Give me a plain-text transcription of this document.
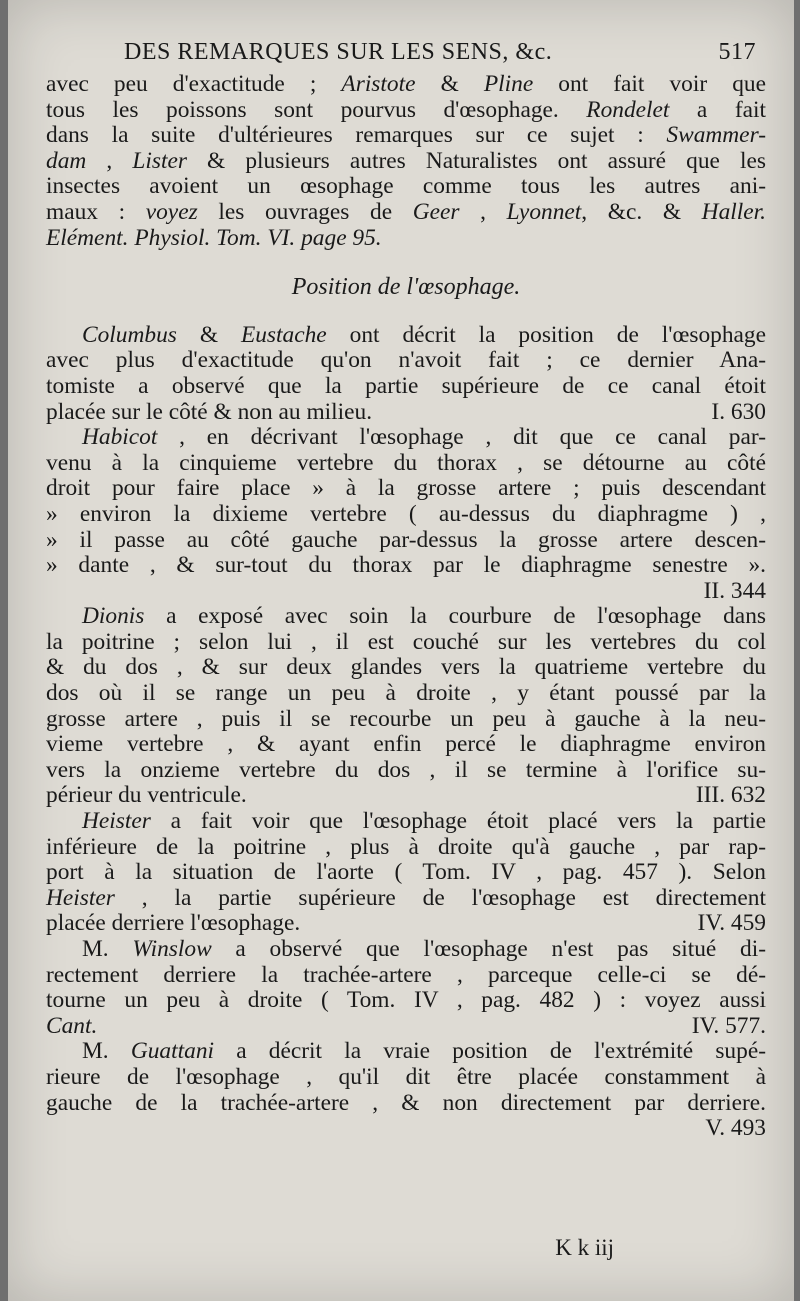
DES REMARQUES SUR LES SENS, &c.	517
avec peu d'exactitude ; Aristote & Pline ont fait voir que
tous les poissons sont pourvus d'œsophage. Rondelet a fait
dans la suite d'ultérieures remarques sur ce sujet : Swammer-
dam , Lister & plusieurs autres Naturalistes ont assuré que les
insectes avoient un œsophage comme tous les autres ani-
maux : voyez les ouvrages de Geer , Lyonnet, &c. & Haller.
Elément. Physiol. Tom. VI. page 95.
Position de l'œsophage.
Columbus & Eustache ont décrit la position de l'œsophage
avec plus d'exactitude qu'on n'avoit fait ; ce dernier Ana-
tomiste a observé que la partie supérieure de ce canal étoit
placée sur le côté & non au milieu.	I. 630
Habicot , en décrivant l'œsophage , dit que ce canal par-
venu à la cinquieme vertebre du thorax , se détourne au côté
droit pour faire place » à la grosse artere ; puis descendant
» environ la dixieme vertebre ( au-dessus du diaphragme ) ,
» il passe au côté gauche par-dessus la grosse artere descen-
» dante , & sur-tout du thorax par le diaphragme senestre ».
II. 344
Dionis a exposé avec soin la courbure de l'œsophage dans
la poitrine ; selon lui , il est couché sur les vertebres du col
& du dos , & sur deux glandes vers la quatrieme vertebre du
dos où il se range un peu à droite , y étant poussé par la
grosse artere , puis il se recourbe un peu à gauche à la neu-
vieme vertebre , & ayant enfin percé le diaphragme environ
vers la onzieme vertebre du dos , il se termine à l'orifice su-
périeur du ventricule.	III. 632
Heister a fait voir que l'œsophage étoit placé vers la partie
inférieure de la poitrine , plus à droite qu'à gauche , par rap-
port à la situation de l'aorte ( Tom. IV , pag. 457 ). Selon
Heister , la partie supérieure de l'œsophage est directement
placée derriere l'œsophage.	IV. 459
M. Winslow a observé que l'œsophage n'est pas situé di-
rectement derriere la trachée-artere , parceque celle-ci se dé-
tourne un peu à droite ( Tom. IV , pag. 482 ) : voyez aussi
Cant.	IV. 577.
M. Guattani a décrit la vraie position de l'extrémité supé-
rieure de l'œsophage , qu'il dit être placée constamment à
gauche de la trachée-artere , & non directement par derriere.
V. 493
K k iij
